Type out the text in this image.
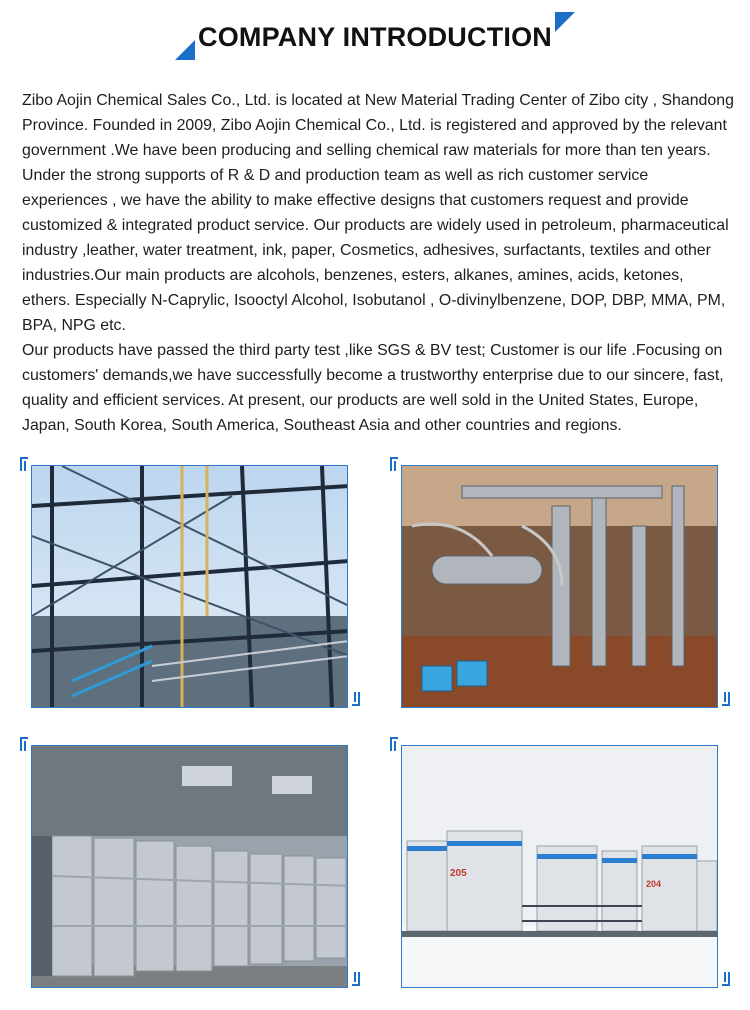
COMPANY INTRODUCTION

Zibo Aojin Chemical Sales Co., Ltd. is located at New Material Trading Center of Zibo city , Shandong Province. Founded in 2009, Zibo Aojin Chemical Co., Ltd. is registered and approved by the relevant government .We have been producing and selling chemical raw materials for more than ten years. Under the strong supports of R & D and production team as well as rich customer service experiences , we have the ability to make effective designs that customers request and provide customized & integrated product service. Our products are widely used in petroleum, pharmaceutical industry ,leather, water treatment, ink, paper, Cosmetics, adhesives, surfactants, textiles and other industries.Our main products are alcohols, benzenes, esters, alkanes, amines, acids, ketones, ethers. Especially N-Caprylic, Isooctyl Alcohol, Isobutanol , O-divinylbenzene, DOP, DBP, MMA, PM, BPA, NPG etc.

Our products have passed the third party test ,like SGS & BV test; Customer is our life .Focusing on customers' demands,we have successfully become a trustworthy enterprise due to our sincere, fast, quality and efficient services. At present, our products are well sold in the United States, Europe, Japan, South Korea, South America, Southeast Asia and other countries and regions.

205
204
